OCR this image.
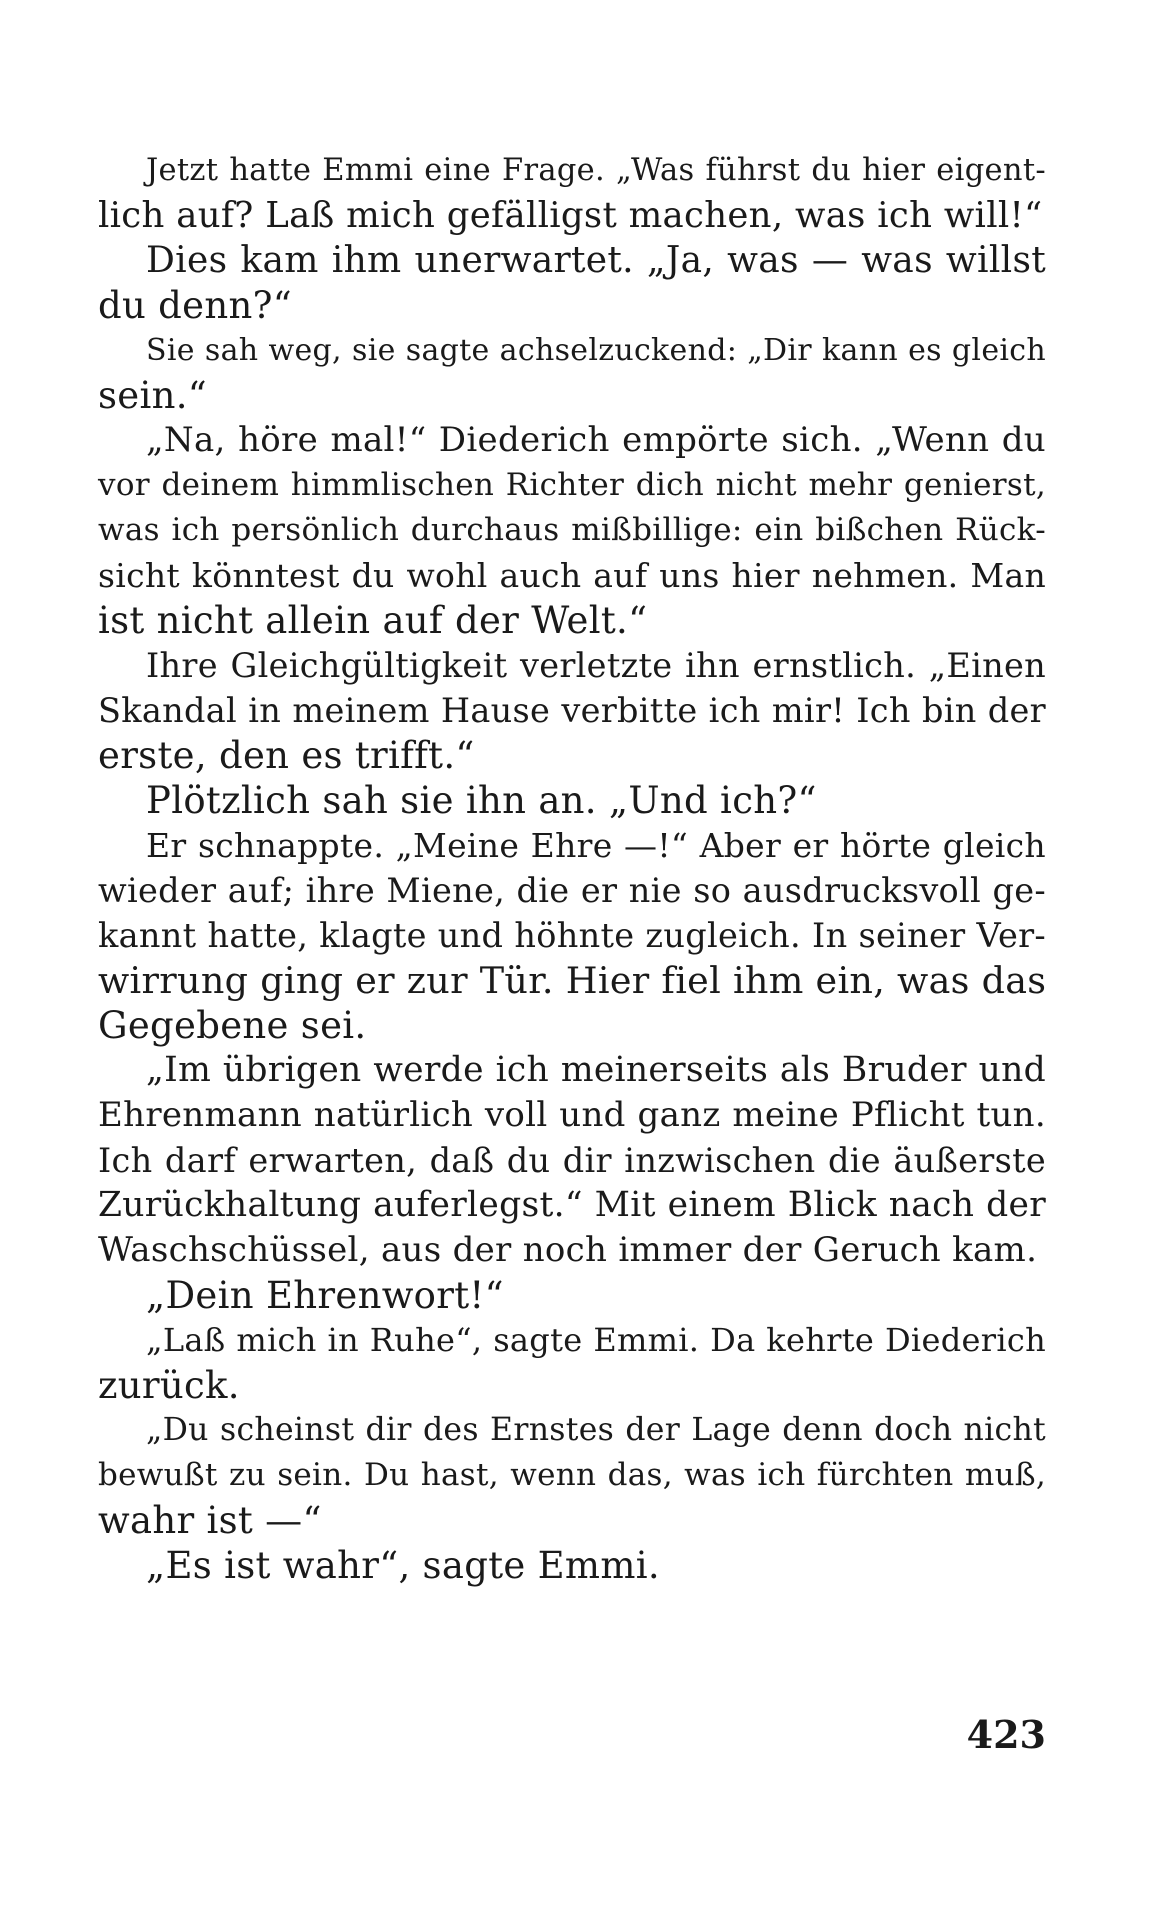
Jetzt hatte Emmi eine Frage. „Was führst du hier eigent-
lich auf? Laß mich gefälligst machen, was ich will!“
Dies kam ihm unerwartet. „Ja, was — was willst
du denn?“
Sie sah weg, sie sagte achselzuckend: „Dir kann es gleich
sein.“
„Na, höre mal!“ Diederich empörte sich. „Wenn du
vor deinem himmlischen Richter dich nicht mehr genierst,
was ich persönlich durchaus mißbillige: ein bißchen Rück-
sicht könntest du wohl auch auf uns hier nehmen. Man
ist nicht allein auf der Welt.“
Ihre Gleichgültigkeit verletzte ihn ernstlich. „Einen
Skandal in meinem Hause verbitte ich mir! Ich bin der
erste, den es trifft.“
Plötzlich sah sie ihn an. „Und ich?“
Er schnappte. „Meine Ehre —!“ Aber er hörte gleich
wieder auf; ihre Miene, die er nie so ausdrucksvoll ge-
kannt hatte, klagte und höhnte zugleich. In seiner Ver-
wirrung ging er zur Tür. Hier fiel ihm ein, was das
Gegebene sei.
„Im übrigen werde ich meinerseits als Bruder und
Ehrenmann natürlich voll und ganz meine Pflicht tun.
Ich darf erwarten, daß du dir inzwischen die äußerste
Zurückhaltung auferlegst.“ Mit einem Blick nach der
Waschschüssel, aus der noch immer der Geruch kam.
„Dein Ehrenwort!“
„Laß mich in Ruhe“, sagte Emmi. Da kehrte Diederich
zurück.
„Du scheinst dir des Ernstes der Lage denn doch nicht
bewußt zu sein. Du hast, wenn das, was ich fürchten muß,
wahr ist —“
„Es ist wahr“, sagte Emmi.
423
